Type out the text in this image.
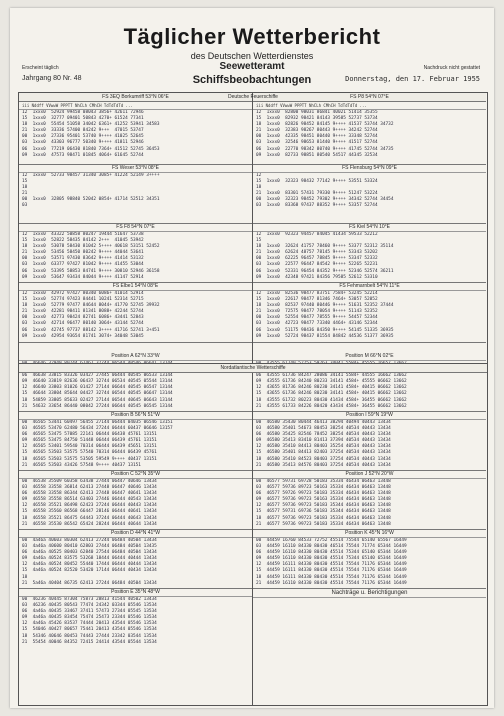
Täglicher Wetterbericht
des Deutschen Wetterdienstes
Seewetteramt
Schiffsbeobachtungen
Erscheint täglich
Jahrgang 80 Nr. 48
Nachdruck nicht gestattet
Donnerstag, den 17. Februar 1955
FS 3EQ Borkumriff 53°N 06°E
iii Nddff VVwwW PPPTT NhCLh CMhCH TdTdTdTd ...
12  1xxx0  52924 99458 08043 3856+ 42611 72946
15  1xxx0  32777 09401 50843 4270+ 61524 77341
18  1xxx0  55454 51058 34042 6361+ 41252 53941 34583
21  1xxx0  33336 57400 84242 9+++  47015 53747
00  1xxx0  27336 95401 53740 9++++ 41025 52645
03  1xxx0  43303 96777 50340 9++++ 41811 52946
06  1xxx0  77219 06430 81840 7364+ 41512 52745 36453
09  1xxx0  47573 98471 01845 4064+ 61645 52744
FS Weser 53°N 08°E
12  1xxx0  52733 98457 31340 3085+ 41224 52149 3++++
15
18
21
00  1xxx0  32805 98840 52042 0854+ 41714 52512 34351
03
FS F8 54°N 07°E
12  1xxx0  43322 50858 80247 19444 51647 53738
15  1xxx0  52822 58435 84142 2+++  41045 53942
18  1xxx0  53078 58430 81042 5++++ 40618 53151 52452
21  1xxx0  53456 58450 80242 9++++ 44044 53641
00  1xxx0  53571 97430 83642 9++++ 41414 53132
03  1xxx0  63377 97427 81042 9++++ 41455 53044
06  1xxx0  53395 58853 84741 9++++ 30810 52946 36158
09  1xxx0  53647 93434 84044 9++++ 41147 52914
FS Elbe1 54°N 08°E
12  1xxx0  42972 97427 80340 6086+ 41014 52914
15  1xxx0  52774 97423 84441 10241 52314 52715
18  1xxx0  52779 97477 84644 8044+ 41770 52745 39932
21  1xxx0  42281 98411 81341 8088+ 42244 52744
00  1xxx0  42773 98424 82741 6086+ 43441 52843
03  1xxx0  42714 96477 80140 3064+ 43144 52744
06  1xxx0  42745 97737 88142 3++++ 41716 52741 3+451
09  1xxx0  42954 93654 81741 3074+ 34048 53045
Position A 62°N 33°W

06  46638 33815 83326 03427 27445 06444 40545 06533 13144
09  46640 33819 82636 06437 32744 06534 40545 05544 13144
12  46640 33803 81026 01427 27144 06644 40545 06547 13144
15  46644 33804 85644 04427 32744 06544 40545 06647 13144
18  54859 33805 85633 02427 27144 06544 40645 06643 13144
21  54632 33654 86440 08042 27244 06644 40545 06545 13144
Position B 56°N 51°W
00  46565 53441 60497 56455 27144 06444 04035 06546 13151
03  46565 53470 62480 56434 27244 06444 60437 06646 13157
06  46565 53475 57085 22141 06444 06438 45761 13151
09  46565 53475 84750 51448 06444 06439 45761 13151
12  46565 53401 59540 70314 06444 06439 45651 13151
15  46565 53503 53575 57540 70314 06444 06439 45761
18  46565 53503 53575 53505 59549 9++++ 40437 13151
21  46565 53503 43426 57548 9++++ 40437 13151
Position C 52°N 35°W
00  46538 35509 60358 63438 27444 06447 40646 13434
03  46558 33558 36814 62413 27448 06447 40646 13434
06  46558 33558 86344 62413 27448 06447 40641 13434
09  46558 35558 86514 63403 27446 06444 40543 13434
12  46558 35521 86498 62423 27244 06444 40443 13434
15  46558 35560 86568 66447 28146 06444 40641 13434
18  46558 35521 86475 64443 37244 06444 40643 13434
21  46558 35530 86542 65424 28244 06444 40644 13434
Position D 44°N 41°W
00  4a46a 40603 80304 62413 27244 06484 40504 13434
03  4a46a 40600 80410 62803 27444 06484 40504 13435
06  4a46a 40525 80403 62840 27544 06484 40504 13434
09  4a46a 40524 83575 53268 18444 06444 40444 13434
12  4a46a 40524 80452 55440 17444 06444 40444 13434
15  4a46a 40524 82520 53420 17144 06444 40434 13434
18
21  5a46a 40404 86735 62413 27244 06484 40504 13434
Position E 35°N 48°W
00  46236 40445 87304 75873 28813 41544 40502 13434
03  46236 40435 80543 77474 24342 03344 05546 13534
06  4a46a 40435 33467 37411 57473 27344 05545 13534
09  4a46a 40435 83454 75474 25473 23344 05546 13534
12  4a46a 45426 83537 74444 20413 43544 05546 13534
15  54046 40427 80657 75441 20413 43544 05546 13534
18  54346 40646 80453 74443 27444 23342 03544 13534
21  55454 40046 84352 72415 24414 43544 05544 13534
FS P8 54°N 07°E
iii Nddff VVwwW PPPTT NhCLh CMhCH TdTdTdTd ...
12  1xxx0  82800 98031 86841 40021 51414 35355
15  1xxx0  82932 98421 84143 39585 52737 53734
18  1xxx0  82826 98452 84145 9++++ 41537 53744 34732
21  1xxx0  32383 98267 80443 9++++ 34242 52744
00  1xxx0  42335 98451 80440 9++++ 33348 52744
03  1xxx0  32546 98653 81440 9++++ 41517 52744
06  1xxx0  22770 98342 80740 9++++ 41745 52744 34735
09  1xxx0  82733 98851 80540 54517 44345 32534
FS Flensburg 54°N 09°E
12
15  1xxx0  32323 98432 77142 9++++ 53551 53324
18
21  1xxx0  83301 57431 79330 9++++ 51247 53224
00  1xxx0  32323 98452 79302 9++++ 34342 52744 34454
03  1xxx0  83368 97437 88352 9++++ 53357 52744
FS Kiel 54°N 10°E
12  1xxx0  92323 94457 84045 41434 59533 52212
15
18  1xxx0  32624 41757 78460 9++++ 53377 52312 35114
21  1xxx0  62624 48757 78145 9++++ 53343 53202
00  1xxx0  62225 96457 78845 9++++ 53347 52332
03  1xxx0  22577 96447 84542 9++++ 52265 52231
06  1xxx0  52331 96454 84352 9++++ 52346 52574 36211
09  1xxx0  42348 97421 84356 79585 52612 53310
FS Fehmarnbelt 54°N 11°E
12  1xxx0  82536 98477 83751 7584+ 53245 52214
15  1xxx0  22617 98477 81346 7464+ 53057 52052
18  1xxx0  82537 97440 80446 9++++ 51631 52352 37444
21  1xxx0  72575 98477 78054 9++++ 51143 52352
00  1xxx0  52554 98477 78555 9++++ 54457 52344
03  1xxx0  42723 98477 73340 4464+ 43146 52344
06  1xxx0  51175 98436 84350 9++++ 54145 51335 36935
09  1xxx0  52724 98437 81554 84842 44536 51377 36935
Position M 66°N 02°E

06  43555 61736 84247 28086 34141 5584+ 44555 16662 13662
09  43555 61736 84240 80233 34141 4584+ 45555 06662 13662
12  43655 81736 84246 80230 34141 4584+ 40415 06662 13662
15  43655 61736 84246 80230 34141 4584+ 40415 06662 13662
18  43555 61732 80223 80430 41434 4584+ 36455 06662 13662
21  43555 61733 84226 80420 43434 4584+ 36455 06662 13662
Position I 59°N 19°W
00  46580 35430 80444 46413 38294 40494 40443 13434
03  46580 35401 54673 80453 38254 40534 40443 13434
06  46580 35425 82546 78452 38254 40534 40443 13434
09  46580 35413 83410 81413 37394 40534 40443 13434
12  46580 35410 84413 80403 35254 40534 40443 13434
15  46580 35401 84413 82403 37254 40534 40443 13434
18  46580 35410 84523 80403 37254 40534 40443 13434
21  46580 35413 84576 80403 37254 40534 40443 13434
Position J 52°N 20°W
00  46577 59731 69728 50183 35334 46434 06463 13448
03  46577 59736 89723 50163 35334 46434 06463 13448
06  46577 59726 99723 50183 35334 46434 06463 13448
09  46577 59736 99723 50163 35334 46434 06463 13448
12  46577 59736 99723 50183 35344 46434 06463 13448
15  46577 59731 69736 50183 35344 46434 06463 13448
18  46577 59736 99723 50183 35334 46434 06463 13448
21  46577 59736 99723 50183 35334 46434 06463 13448
Position K 45°N 16°W
00  44459 16760 84533 72752 45514 75544 65140 65567 16449
03  44459 16110 84330 80430 46514 75544 71774 65344 16449
06  44459 16110 84330 80430 45514 75344 65140 65344 16449
09  44459 16110 84330 80430 45514 75344 65140 65344 16449
12  44459 16111 84330 80430 45514 75544 71176 65344 16449
15  44459 16111 84330 80430 45514 75544 71176 65344 16449
18  44459 16111 84330 80430 45514 75544 71176 65344 16449
21  44459 16110 84330 80430 45514 75544 71176 65344 16449
Nachträge u. Berichtigungen
Deutsche Feuerschiffe
Nordatlantische Wetterschiffe
